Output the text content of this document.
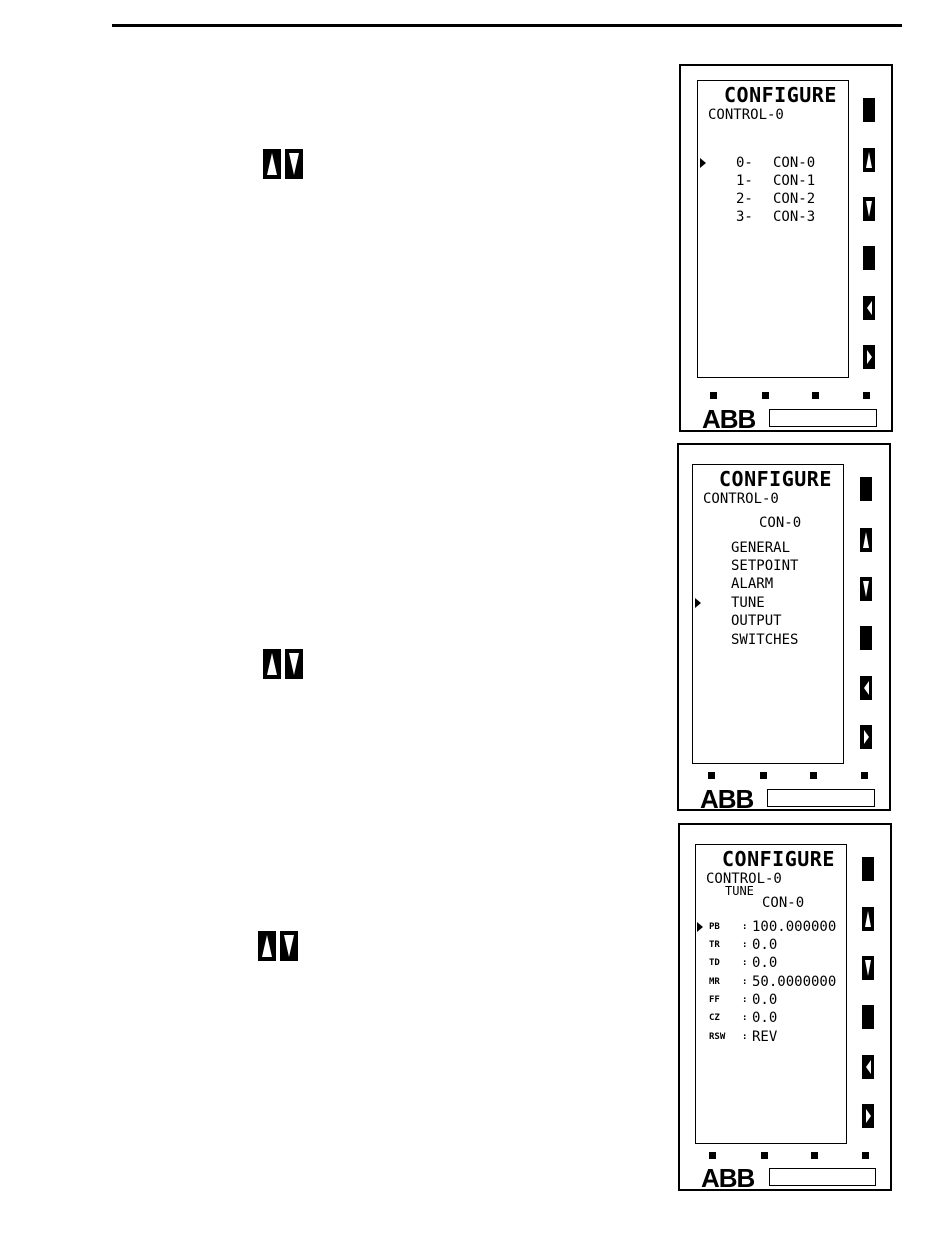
CONFIGURE
CONTROL-0
0- CON-0
1- CON-1
2- CON-2
3- CON-3
ABB
CONFIGURE
CONTROL-0
CON-0
GENERAL
SETPOINT
ALARM
TUNE
OUTPUT
SWITCHES
ABB
CONFIGURE
CONTROL-0
TUNE
CON-0
PB : 100.000000
TR : 0.0
TD : 0.0
MR : 50.0000000
FF : 0.0
CZ : 0.0
RSW : REV
ABB
